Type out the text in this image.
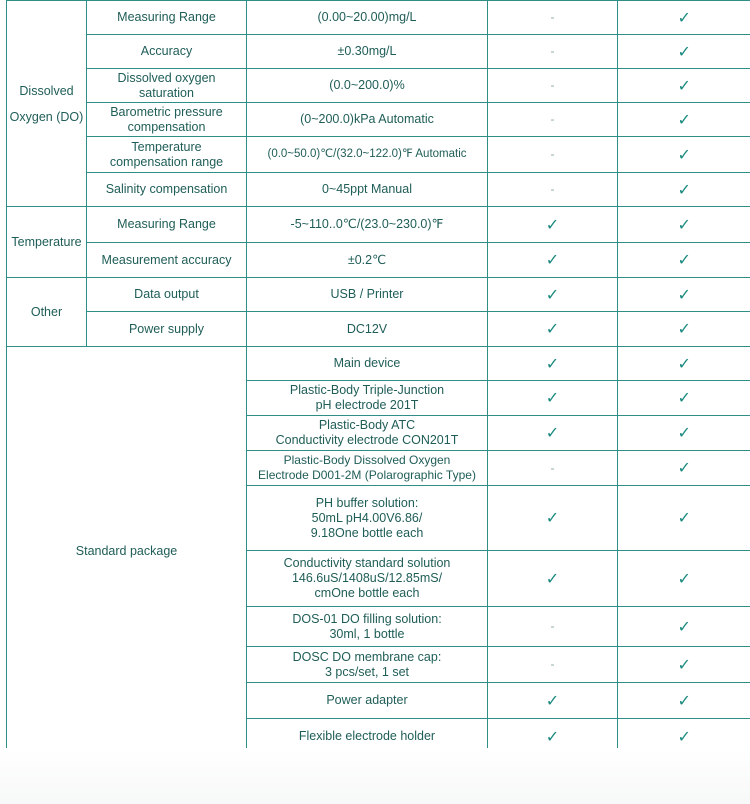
Dissolved
Oxygen (DO)	Measuring Range	(0.00~20.00)mg/L	-	✓
	Accuracy	±0.30mg/L	-	✓
	Dissolved oxygen
saturation	(0.0~200.0)%	-	✓
	Barometric pressure
compensation	(0~200.0)kPa Automatic	-	✓
	Temperature
compensation range	(0.0~50.0)℃/(32.0~122.0)℉ Automatic	-	✓
	Salinity compensation	0~45ppt Manual	-	✓
Temperature	Measuring Range	-5~110..0℃/(23.0~230.0)℉	✓	✓
	Measurement accuracy	±0.2℃	✓	✓
Other	Data output	USB / Printer	✓	✓
	Power supply	DC12V	✓	✓
Standard package		Main device	✓	✓
		Plastic-Body Triple-Junction
pH electrode 201T	✓	✓
		Plastic-Body ATC
Conductivity electrode CON201T	✓	✓
		Plastic-Body Dissolved Oxygen
Electrode D001-2M (Polarographic Type)	-	✓
		PH buffer solution:
50mL pH4.00V6.86/
9.18One bottle each	✓	✓
		Conductivity standard solution
146.6uS/1408uS/12.85mS/
cmOne bottle each	✓	✓
		DOS-01 DO filling solution:
30ml, 1 bottle	-	✓
		DOSC DO membrane cap:
3 pcs/set, 1 set	-	✓
		Power adapter	✓	✓
		Flexible electrode holder	✓	✓
